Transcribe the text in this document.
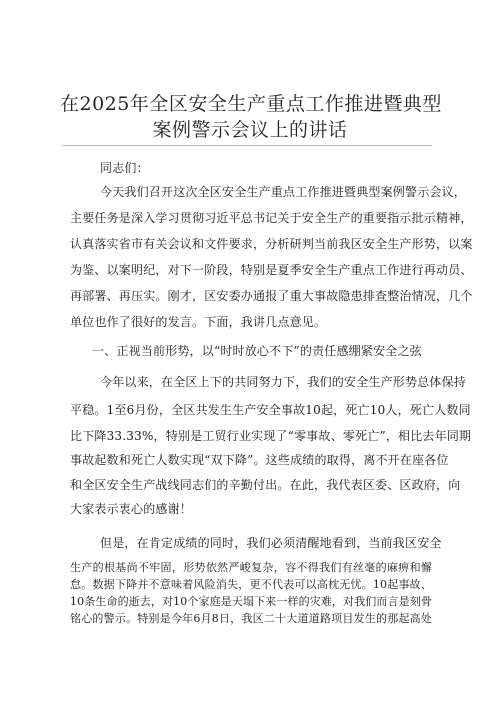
在2025年全区安全生产重点工作推进暨典型
案例警示会议上的讲话
同志们：
今天我们召开这次全区安全生产重点工作推进暨典型案例警示会议，
主要任务是深入学习贯彻习近平总书记关于安全生产的重要指示批示精神，
认真落实省市有关会议和文件要求，分析研判当前我区安全生产形势，以案
为鉴、以案明纪，对下一阶段，特别是夏季安全生产重点工作进行再动员、
再部署、再压实。刚才，区安委办通报了重大事故隐患排查整治情况，几个
单位也作了很好的发言。下面，我讲几点意见。
一、正视当前形势，以“时时放心不下”的责任感绷紧安全之弦
今年以来，在全区上下的共同努力下，我们的安全生产形势总体保持
平稳。1至6月份，全区共发生生产安全事故10起，死亡10人，死亡人数同
比下降33.33%，特别是工贸行业实现了“零事故、零死亡”，相比去年同期
事故起数和死亡人数实现“双下降”。这些成绩的取得，离不开在座各位
和全区安全生产战线同志们的辛勤付出。在此，我代表区委、区政府，向
大家表示衷心的感谢！
但是，在肯定成绩的同时，我们必须清醒地看到，当前我区安全
生产的根基尚不牢固，形势依然严峻复杂，容不得我们有丝毫的麻痹和懈
怠。数据下降并不意味着风险消失，更不代表可以高枕无忧。10起事故、
10条生命的逝去，对10个家庭是天塌下来一样的灾难，对我们而言是刻骨
铭心的警示。特别是今年6月8日，我区二十大道道路项目发生的那起高处
